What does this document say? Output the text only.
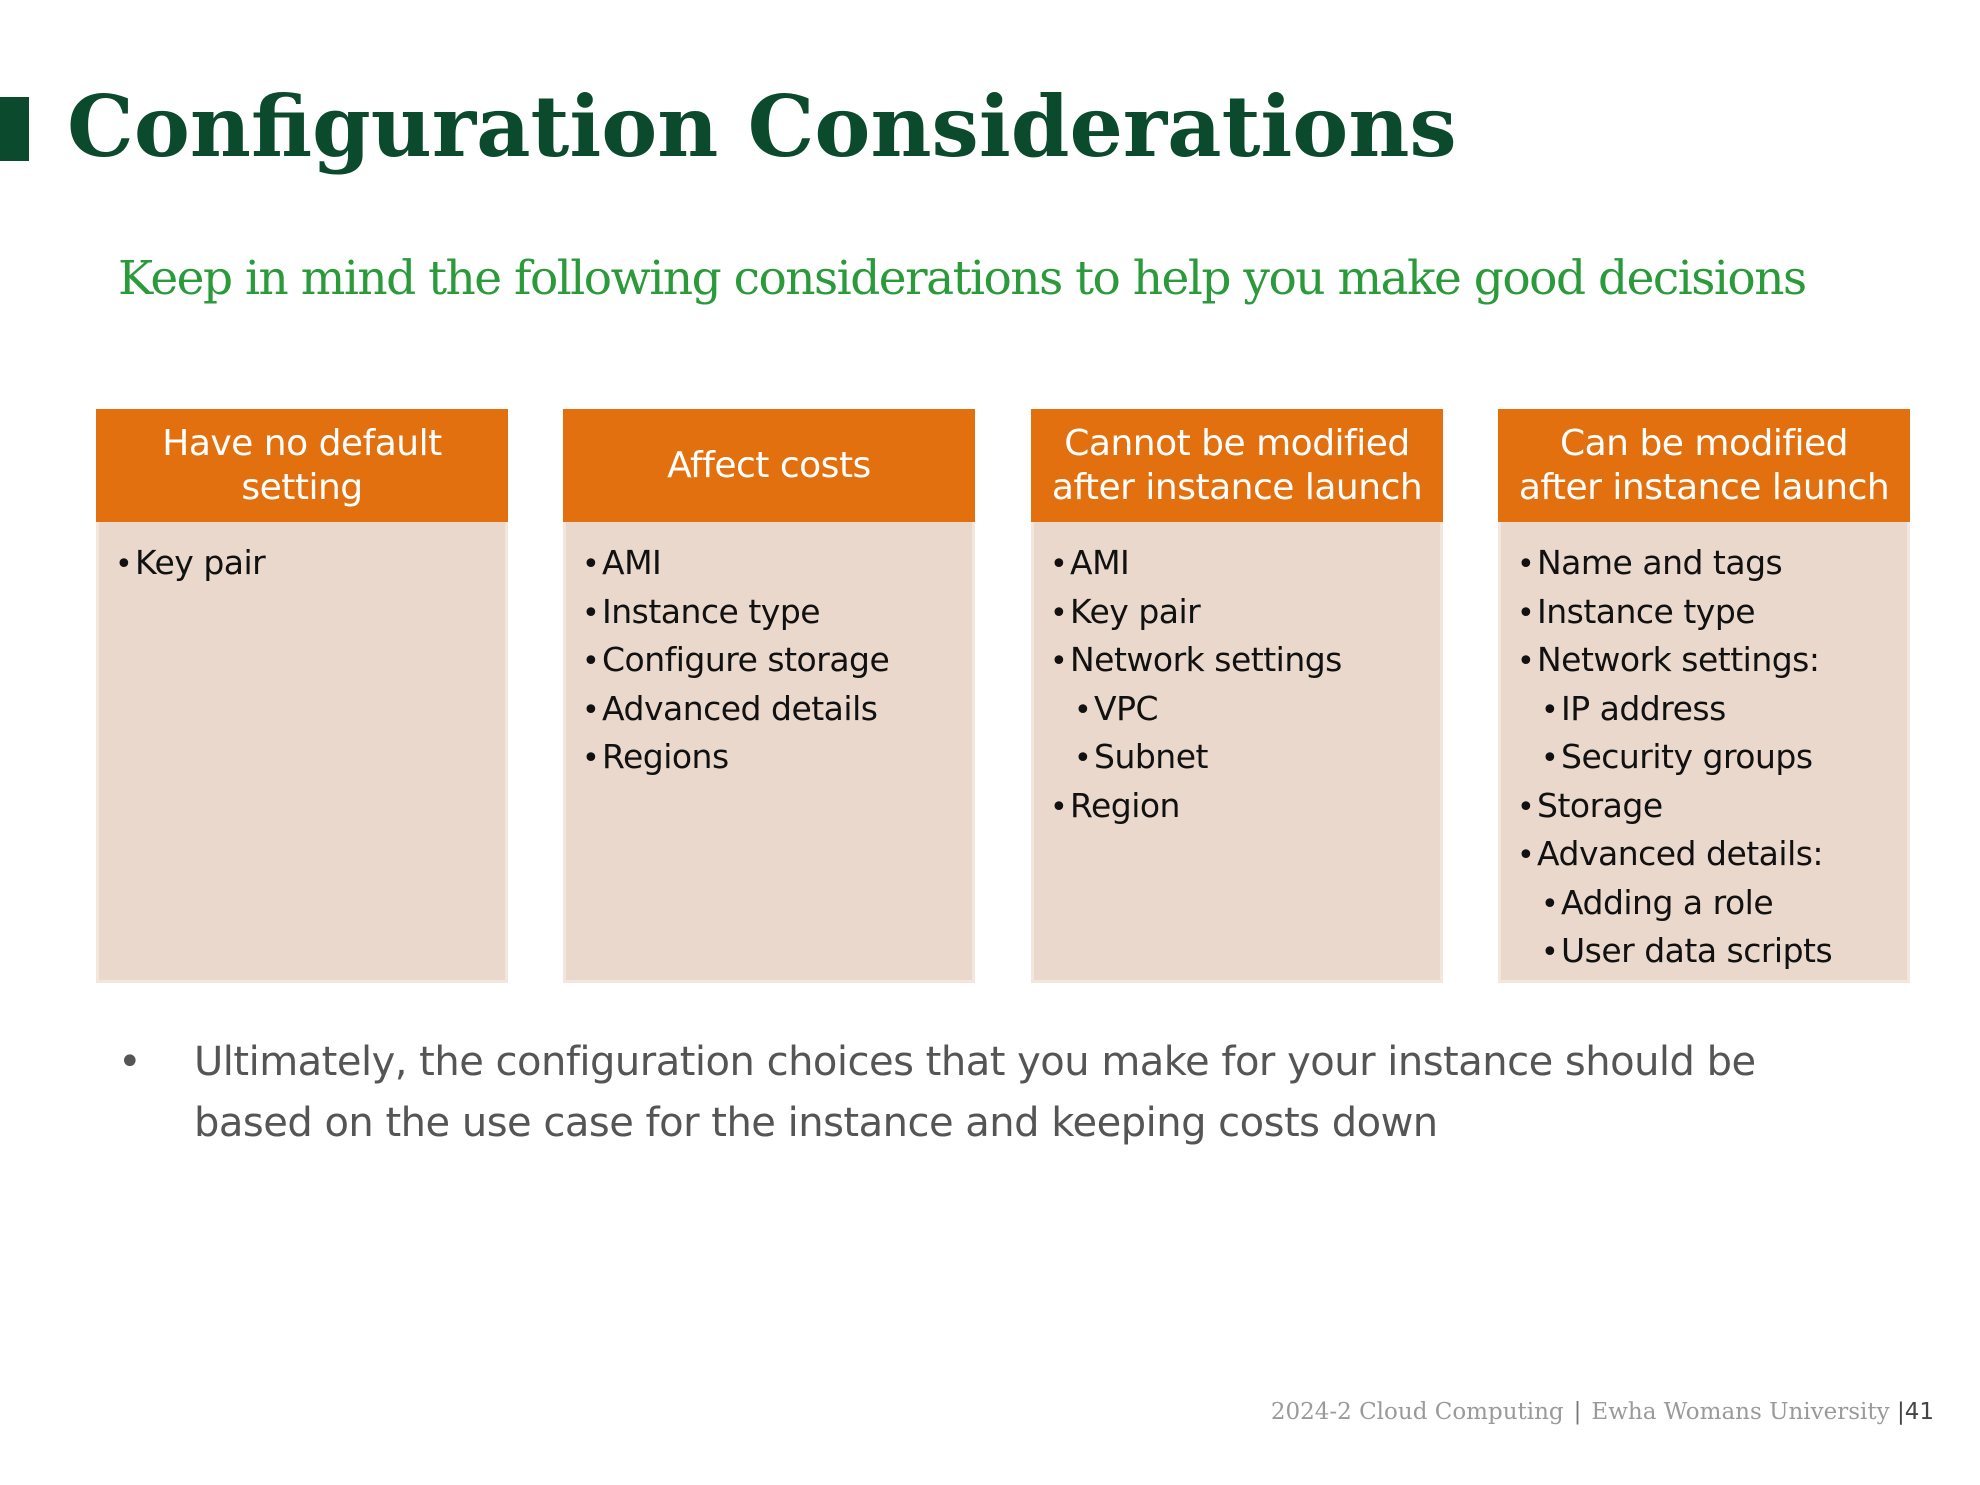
Configuration Considerations
Keep in mind the following considerations to help you make good decisions
Have no default
setting
•Key pair
Affect costs
•AMI
•Instance type
•Configure storage
•Advanced details
•Regions
Cannot be modified
after instance launch
•AMI
•Key pair
•Network settings
•VPC
•Subnet
•Region
Can be modified
after instance launch
•Name and tags
•Instance type
•Network settings:
•IP address
•Security groups
•Storage
•Advanced details:
•Adding a role
•User data scripts
•	Ultimately, the configuration choices that you make for your instance should be based on the use case for the instance and keeping costs down
2024-2 Cloud Computing | Ewha Womans University |41
